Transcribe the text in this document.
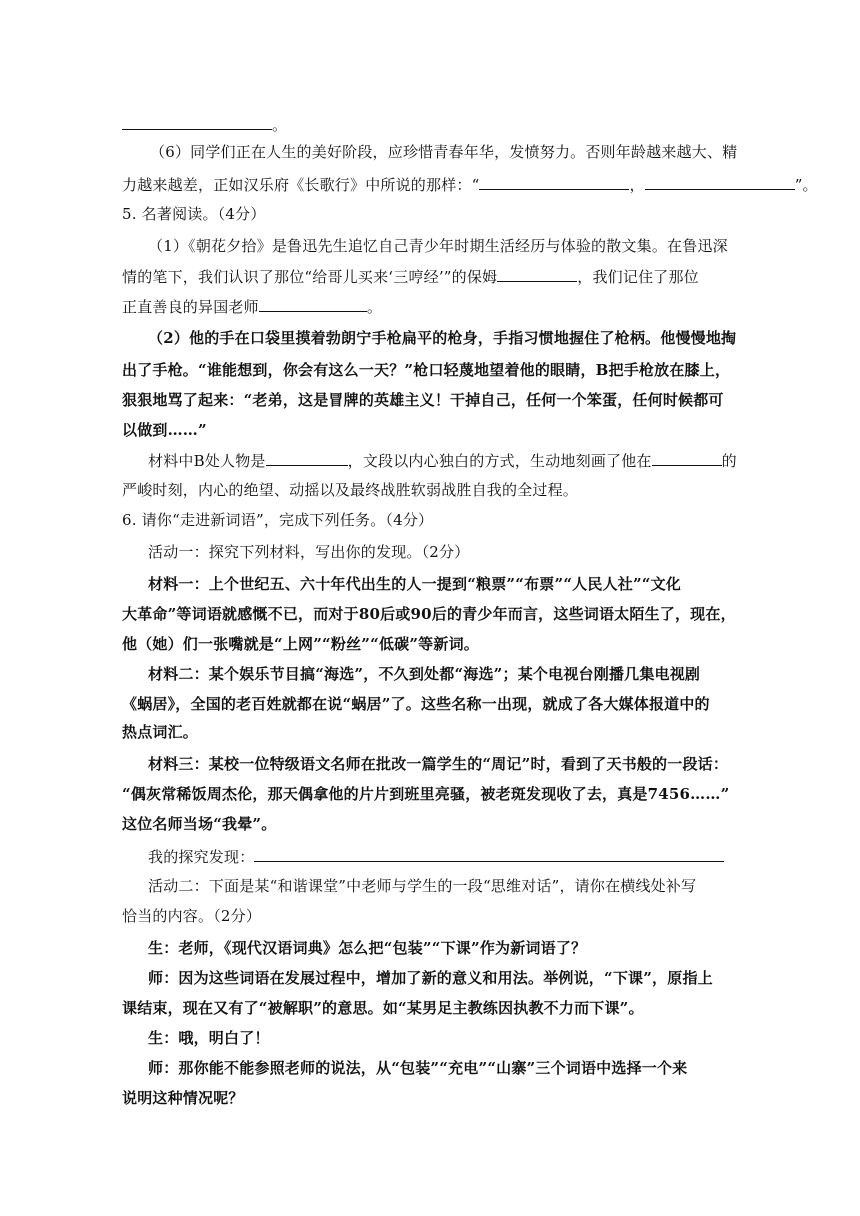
。
（6）同学们正在人生的美好阶段，应珍惜青春年华，发愤努力。否则年龄越来越大、精
力越来越差，正如汉乐府《长歌行》中所说的那样：“	，	”。
5. 名著阅读。（4分）
（1）《朝花夕拾》是鲁迅先生追忆自己青少年时期生活经历与体验的散文集。在鲁迅深
情的笔下，我们认识了那位“给哥儿买来‘三哼经’”的保姆	，我们记住了那位
正直善良的异国老师	。
（2）他的手在口袋里摸着勃朗宁手枪扁平的枪身，手指习惯地握住了枪柄。他慢慢地掏
出了手枪。“谁能想到，你会有这么一天？”枪口轻蔑地望着他的眼睛，B把手枪放在膝上，
狠狠地骂了起来：“老弟，这是冒牌的英雄主义！干掉自己，任何一个笨蛋，任何时候都可
以做到……”
材料中B处人物是	，文段以内心独白的方式，生动地刻画了他在	的
严峻时刻，内心的绝望、动摇以及最终战胜软弱战胜自我的全过程。
6. 请你“走进新词语”，完成下列任务。（4分）
活动一：探究下列材料，写出你的发现。（2分）
材料一：上个世纪五、六十年代出生的人一提到“粮票”“布票”“人民人社”“文化
大革命”等词语就感慨不已，而对于80后或90后的青少年而言，这些词语太陌生了，现在，
他（她）们一张嘴就是“上网”“粉丝”“低碳”等新词。
材料二：某个娱乐节目搞“海选”，不久到处都“海选”；某个电视台刚播几集电视剧
《蜗居》，全国的老百姓就都在说“蜗居”了。这些名称一出现，就成了各大媒体报道中的
热点词汇。
材料三：某校一位特级语文名师在批改一篇学生的“周记”时，看到了天书般的一段话：
“偶灰常稀饭周杰伦，那天偶拿他的片片到班里亮骚，被老斑发现收了去，真是7456……”
这位名师当场“我晕”。
我的探究发现：
活动二：下面是某“和谐课堂”中老师与学生的一段“思维对话”，请你在横线处补写
恰当的内容。（2分）
生：老师，《现代汉语词典》怎么把“包装”“下课”作为新词语了？
师：因为这些词语在发展过程中，增加了新的意义和用法。举例说，“下课”，原指上
课结束，现在又有了“被解职”的意思。如“某男足主教练因执教不力而下课”。
生：哦，明白了！
师：那你能不能参照老师的说法，从“包装”“充电”“山寨”三个词语中选择一个来
说明这种情况呢？
